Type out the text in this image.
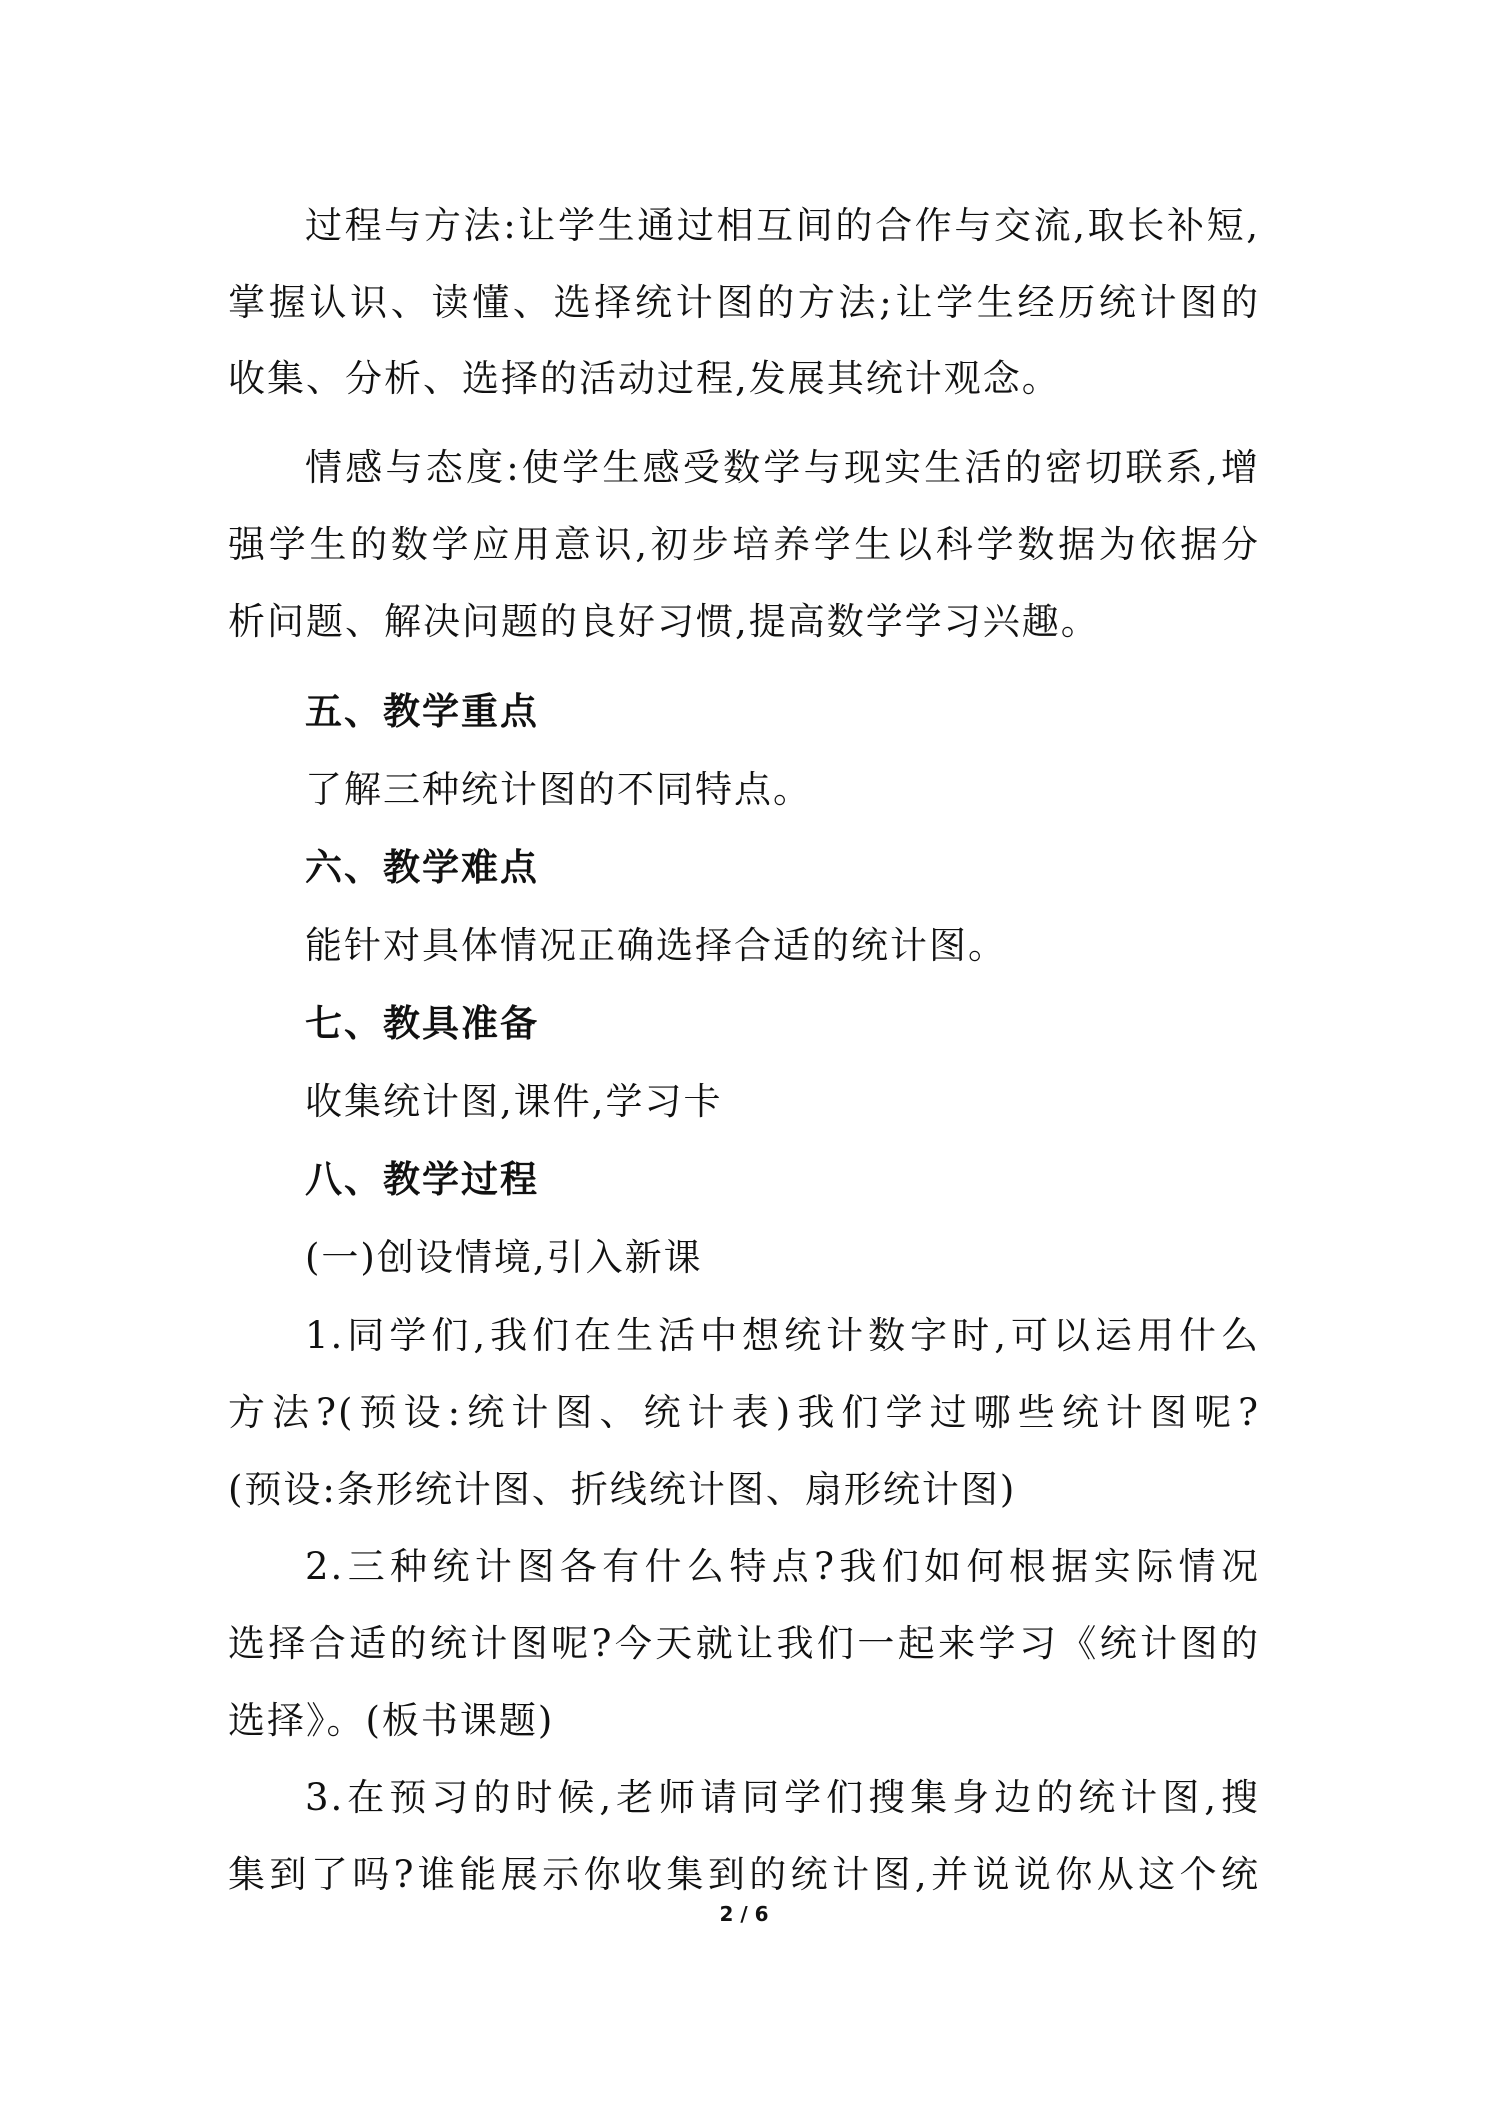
过程与方法:让学生通过相互间的合作与交流,取长补短,
掌握认识、读懂、选择统计图的方法;让学生经历统计图的
收集、分析、选择的活动过程,发展其统计观念。
情感与态度:使学生感受数学与现实生活的密切联系,增
强学生的数学应用意识,初步培养学生以科学数据为依据分
析问题、解决问题的良好习惯,提高数学学习兴趣。
五、教学重点
了解三种统计图的不同特点。
六、教学难点
能针对具体情况正确选择合适的统计图。
七、教具准备
收集统计图,课件,学习卡
八、教学过程
(一)创设情境,引入新课
1.同学们,我们在生活中想统计数字时,可以运用什么
方法?(预设:统计图、统计表)我们学过哪些统计图呢?
(预设:条形统计图、折线统计图、扇形统计图)
2.三种统计图各有什么特点?我们如何根据实际情况
选择合适的统计图呢?今天就让我们一起来学习《统计图的
选择》。(板书课题)
3.在预习的时候,老师请同学们搜集身边的统计图,搜
集到了吗?谁能展示你收集到的统计图,并说说你从这个统
2 / 6
